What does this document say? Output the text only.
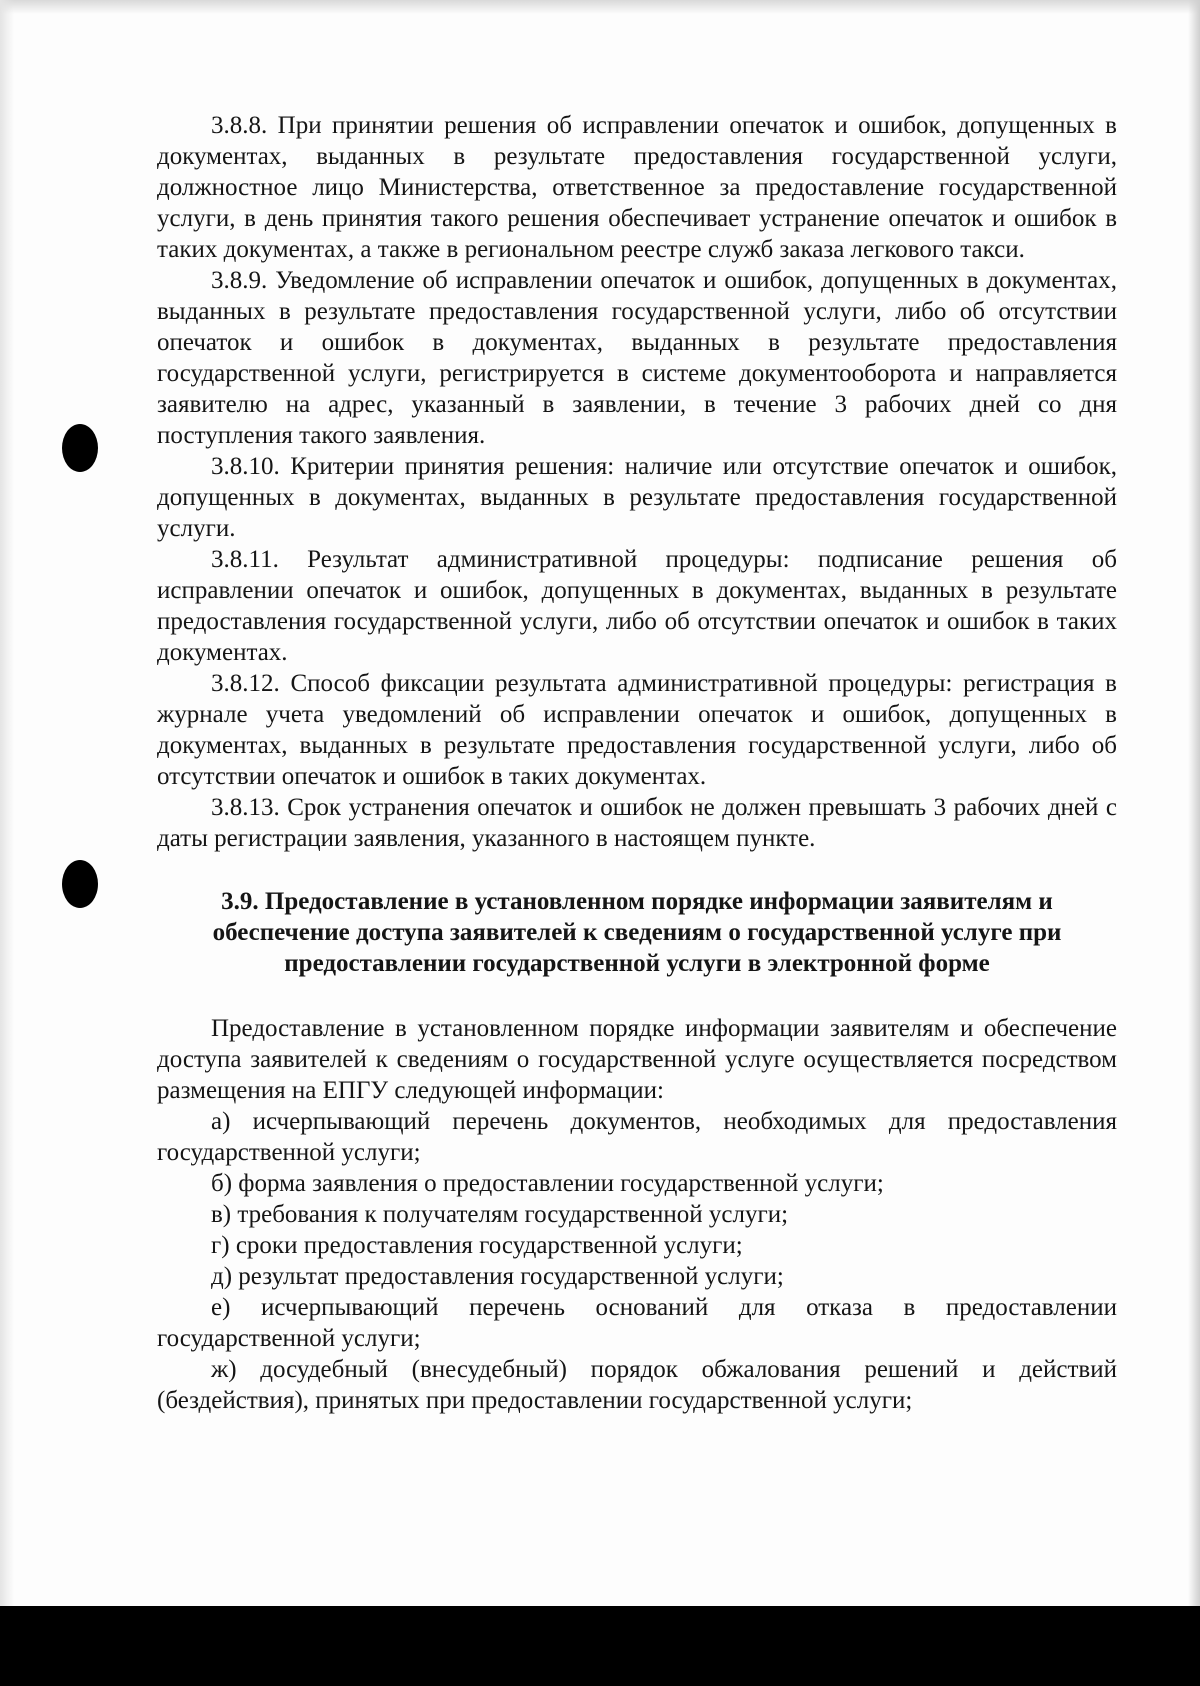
3.8.8. При принятии решения об исправлении опечаток и ошибок, допущенных в документах, выданных в результате предоставления государственной услуги, должностное лицо Министерства, ответственное за предоставление государственной услуги, в день принятия такого решения обеспечивает устранение опечаток и ошибок в таких документах, а также в региональном реестре служб заказа легкового такси.

3.8.9. Уведомление об исправлении опечаток и ошибок, допущенных в документах, выданных в результате предоставления государственной услуги, либо об отсутствии опечаток и ошибок в документах, выданных в результате предоставления государственной услуги, регистрируется в системе документооборота и направляется заявителю на адрес, указанный в заявлении, в течение 3 рабочих дней со дня поступления такого заявления.

3.8.10. Критерии принятия решения: наличие или отсутствие опечаток и ошибок, допущенных в документах, выданных в результате предоставления государственной услуги.

3.8.11. Результат административной процедуры: подписание решения об исправлении опечаток и ошибок, допущенных в документах, выданных в результате предоставления государственной услуги, либо об отсутствии опечаток и ошибок в таких документах.

3.8.12. Способ фиксации результата административной процедуры: регистрация в журнале учета уведомлений об исправлении опечаток и ошибок, допущенных в документах, выданных в результате предоставления государственной услуги, либо об отсутствии опечаток и ошибок в таких документах.

3.8.13. Срок устранения опечаток и ошибок не должен превышать 3 рабочих дней с даты регистрации заявления, указанного в настоящем пункте.

3.9. Предоставление в установленном порядке информации заявителям и обеспечение доступа заявителей к сведениям о государственной услуге при предоставлении государственной услуги в электронной форме

Предоставление в установленном порядке информации заявителям и обеспечение доступа заявителей к сведениям о государственной услуге осуществляется посредством размещения на ЕПГУ следующей информации:

а) исчерпывающий перечень документов, необходимых для предоставления государственной услуги;

б) форма заявления о предоставлении государственной услуги;

в) требования к получателям государственной услуги;

г) сроки предоставления государственной услуги;

д) результат предоставления государственной услуги;

е) исчерпывающий перечень оснований для отказа в предоставлении государственной услуги;

ж) досудебный (внесудебный) порядок обжалования решений и действий (бездействия), принятых при предоставлении государственной услуги;
